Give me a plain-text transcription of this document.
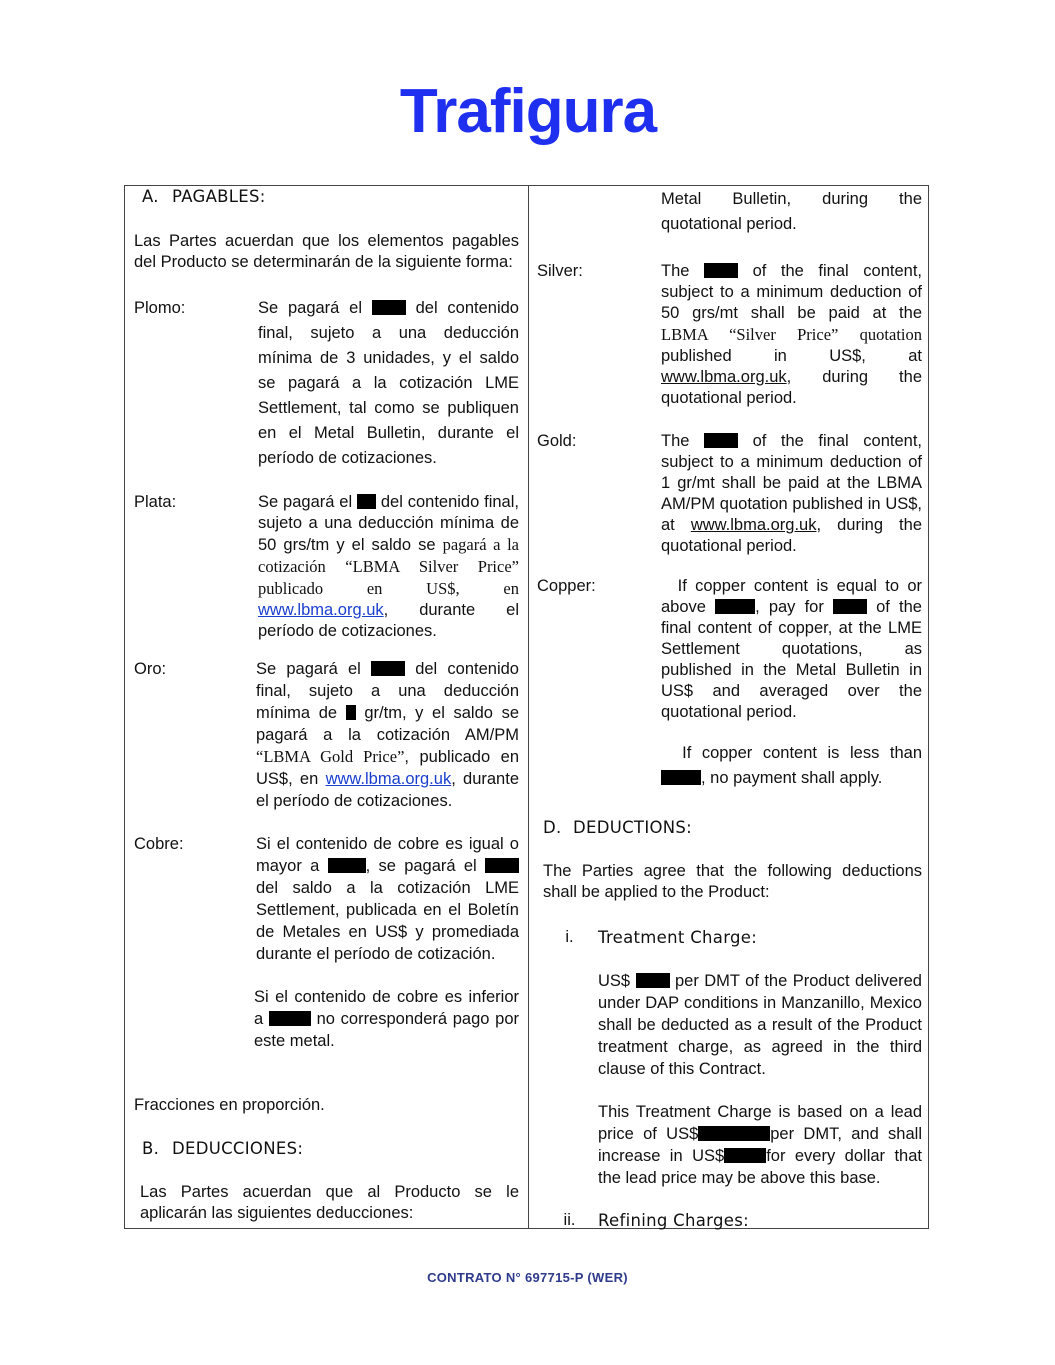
Trafigura
A. PAGABLES:
Las Partes acuerdan que los elementos pagables del Producto se determinarán de la siguiente forma:
Plomo:	Se pagará el	del contenido final, sujeto a una deducción mínima de 3 unidades, y el saldo se pagará a la cotización LME Settlement, tal como se publiquen en el Metal Bulletin, durante el período de cotizaciones.
Plata:	Se pagará el del contenido final, sujeto a una deducción mínima de 50 grs/tm y el saldo se pagará a la cotización “LBMA Silver Price” publicado en US$, en www.lbma.org.uk, durante el período de cotizaciones.
Oro:	Se pagará el	del contenido final, sujeto a una deducción mínima de gr/tm, y el saldo se pagará a la cotización AM/PM “LBMA Gold Price”, publicado en US$, en www.lbma.org.uk, durante el período de cotizaciones.
Cobre:	Si el contenido de cobre es igual o mayor a	, se pagará el  del saldo a la cotización LME Settlement, publicada en el Boletín de Metales en US$ y promediada durante el período de cotización.
Si el contenido de cobre es inferior a	no corresponderá pago por este metal.
Fracciones en proporción.
B. DEDUCCIONES:
Las Partes acuerdan que al Producto se le aplicarán las siguientes deducciones:
Metal Bulletin, during the quotational period.
Silver:	The	of the final content, subject to a minimum deduction of 50 grs/mt shall be paid at the LBMA “Silver Price” quotation published in US$, at www.lbma.org.uk, during the quotational period.
Gold:	The	of the final content, subject to a minimum deduction of 1 gr/mt shall be paid at the LBMA AM/PM quotation published in US$, at www.lbma.org.uk, during the quotational period.
Copper:	If copper content is equal to or above	, pay for	of the final content of copper, at the LME Settlement quotations, as published in the Metal Bulletin in US$ and averaged over the quotational period.
If copper content is less than , no payment shall apply.
D. DEDUCTIONS:
The Parties agree that the following deductions shall be applied to the Product:
i.	Treatment Charge:
US$	per DMT of the Product delivered under DAP conditions in Manzanillo, Mexico shall be deducted as a result of the Product treatment charge, as agreed in the third clause of this Contract.
This Treatment Charge is based on a lead price of US$	per DMT, and shall increase in US$	for every dollar that the lead price may be above this base.
ii.	Refining Charges:
CONTRATO N° 697715-P (WER)
